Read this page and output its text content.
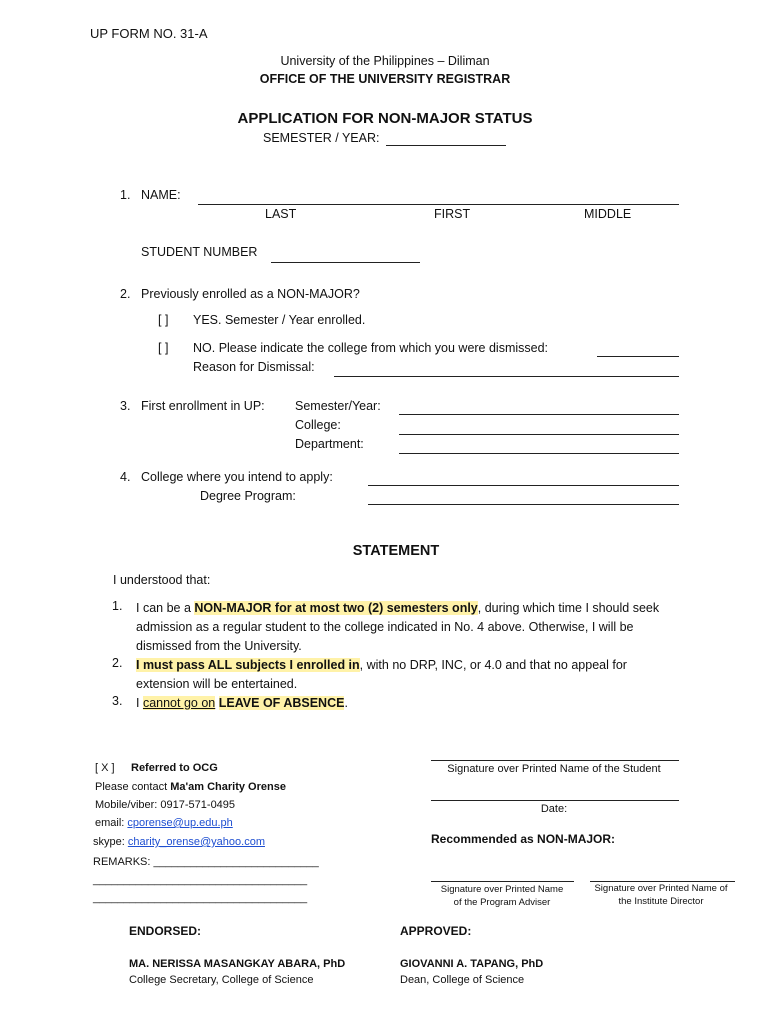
UP FORM NO. 31-A
University of the Philippines – Diliman
OFFICE OF THE UNIVERSITY REGISTRAR
APPLICATION FOR NON-MAJOR STATUS
SEMESTER / YEAR:
1. NAME:
LAST	FIRST	MIDDLE
STUDENT NUMBER
2. Previously enrolled as a NON-MAJOR?
[ ] YES. Semester / Year enrolled.
[ ] NO. Please indicate the college from which you were dismissed:
Reason for Dismissal:
3. First enrollment in UP: Semester/Year:
College:
Department:
4. College where you intend to apply:
Degree Program:
STATEMENT
I understood that:
1. I can be a NON-MAJOR for at most two (2) semesters only, during which time I should seek admission as a regular student to the college indicated in No. 4 above. Otherwise, I will be dismissed from the University.
2. I must pass ALL subjects I enrolled in, with no DRP, INC, or 4.0 and that no appeal for extension will be entertained.
3. I cannot go on LEAVE OF ABSENCE.
[ X ] Referred to OCG
Please contact Ma'am Charity Orense
Mobile/viber: 0917-571-0495
email: cporense@up.edu.ph
skype: charity_orense@yahoo.com
REMARKS: ___________________________
___________________________________
___________________________________
Signature over Printed Name of the Student
Date:
Recommended as NON-MAJOR:
Signature over Printed Name
of the Program Adviser
Signature over Printed Name of
the Institute Director
ENDORSED:
MA. NERISSA MASANGKAY ABARA, PhD
College Secretary, College of Science
APPROVED:
GIOVANNI A. TAPANG, PhD
Dean, College of Science
